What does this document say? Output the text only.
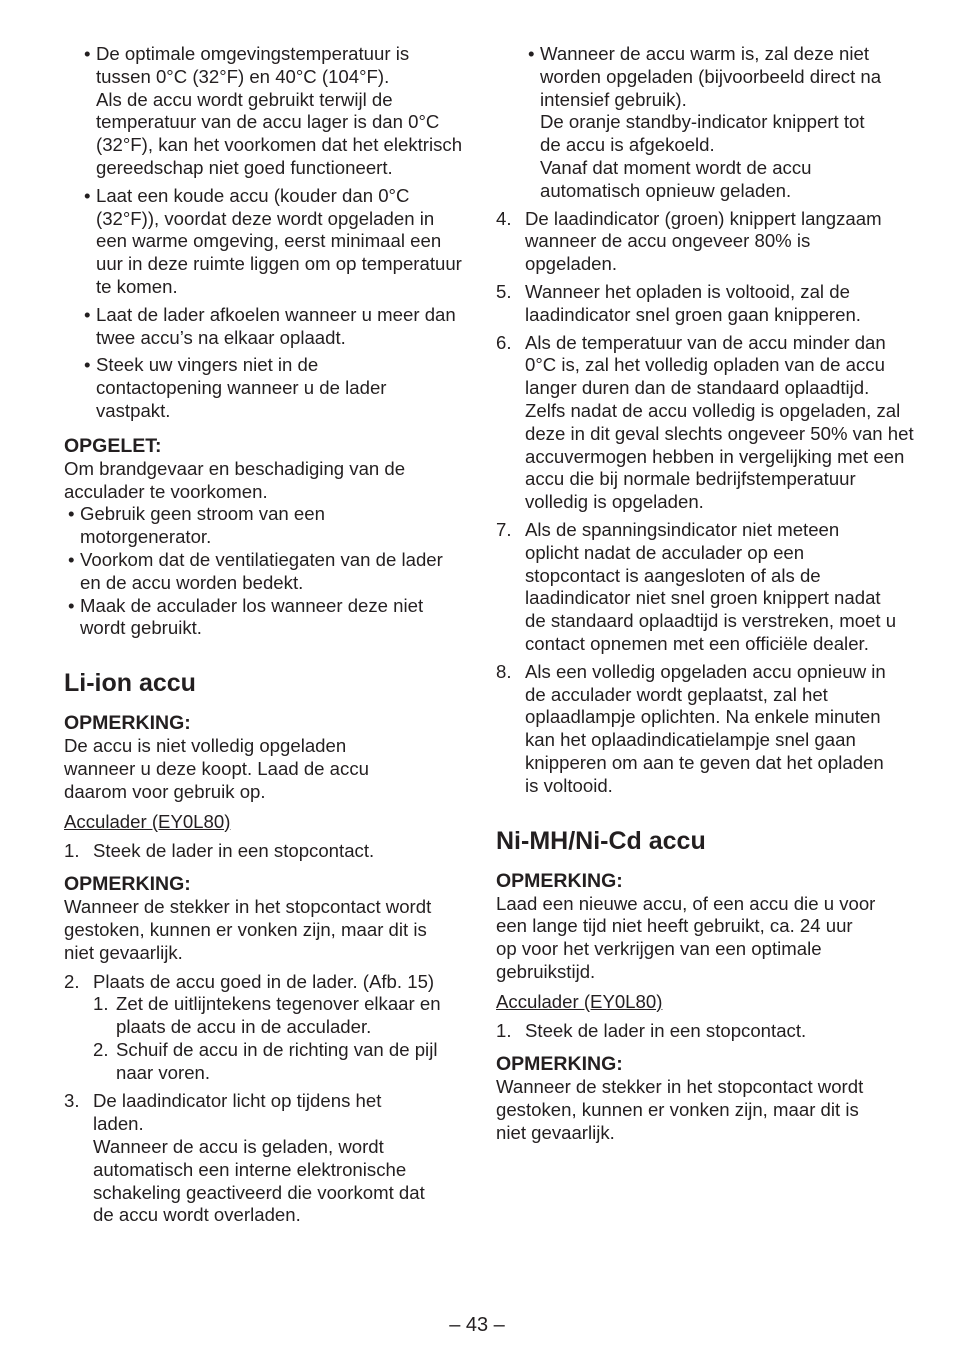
• De optimale omgevingstemperatuur is tussen 0°C (32°F) en 40°C (104°F).

Als de accu wordt gebruikt terwijl de temperatuur van de accu lager is dan 0°C (32°F), kan het voorkomen dat het elektrisch gereedschap niet goed functioneert.

• Laat een koude accu (kouder dan 0°C (32°F)), voordat deze wordt opgeladen in een warme omgeving, eerst minimaal een uur in deze ruimte liggen om op temperatuur te komen.

• Laat de lader afkoelen wanneer u meer dan twee accu’s na elkaar oplaadt.

• Steek uw vingers niet in de contactopening wanneer u de lader vastpakt.

OPGELET:

Om brandgevaar en beschadiging van de acculader te voorkomen.

• Gebruik geen stroom van een motorgenerator.

• Voorkom dat de ventilatiegaten van de lader en de accu worden bedekt.

• Maak de acculader los wanneer deze niet wordt gebruikt.

Li-ion accu

OPMERKING:

De accu is niet volledig opgeladen wanneer u deze koopt. Laad de accu daarom voor gebruik op.

Acculader (EY0L80)

1. Steek de lader in een stopcontact.

OPMERKING:

Wanneer de stekker in het stopcontact wordt gestoken, kunnen er vonken zijn, maar dit is niet gevaarlijk.

2. Plaats de accu goed in de lader. (Afb. 15)

1. Zet de uitlijntekens tegenover elkaar en plaats de accu in de acculader.

2. Schuif de accu in de richting van de pijl naar voren.

3. De laadindicator licht op tijdens het laden.

Wanneer de accu is geladen, wordt automatisch een interne elektronische schakeling geactiveerd die voorkomt dat de accu wordt overladen.

• Wanneer de accu warm is, zal deze niet worden opgeladen (bijvoorbeeld direct na intensief gebruik).

De oranje standby-indicator knippert tot de accu is afgekoeld.

Vanaf dat moment wordt de accu automatisch opnieuw geladen.

4. De laadindicator (groen) knippert langzaam wanneer de accu ongeveer 80% is opgeladen.

5. Wanneer het opladen is voltooid, zal de laadindicator snel groen gaan knipperen.

6. Als de temperatuur van de accu minder dan 0°C is, zal het volledig opladen van de accu langer duren dan de standaard oplaadtijd.

Zelfs nadat de accu volledig is opgeladen, zal deze in dit geval slechts ongeveer 50% van het accuvermogen hebben in vergelijking met een accu die bij normale bedrijfstemperatuur volledig is opgeladen.

7. Als de spanningsindicator niet meteen oplicht nadat de acculader op een stopcontact is aangesloten of als de laadindicator niet snel groen knippert nadat de standaard oplaadtijd is verstreken, moet u contact opnemen met een officiële dealer.

8. Als een volledig opgeladen accu opnieuw in de acculader wordt geplaatst, zal het oplaadlampje oplichten. Na enkele minuten kan het oplaadindicatielampje snel gaan knipperen om aan te geven dat het opladen is voltooid.

Ni-MH/Ni-Cd accu

OPMERKING:

Laad een nieuwe accu, of een accu die u voor een lange tijd niet heeft gebruikt, ca. 24 uur op voor het verkrijgen van een optimale gebruikstijd.

Acculader (EY0L80)

1. Steek de lader in een stopcontact.

OPMERKING:

Wanneer de stekker in het stopcontact wordt gestoken, kunnen er vonken zijn, maar dit is niet gevaarlijk.

– 43 –
